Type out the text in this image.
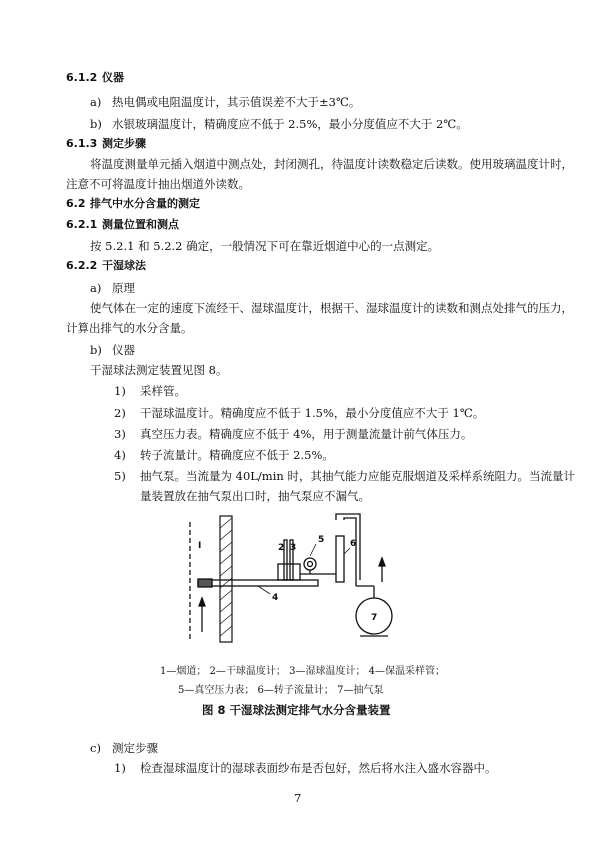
6.1.2 仪器
a) 热电偶或电阻温度计，其示值误差不大于±3℃。
b) 水银玻璃温度计，精确度应不低于 2.5%，最小分度值应不大于 2℃。
6.1.3 测定步骤
将温度测量单元插入烟道中测点处，封闭测孔，待温度计读数稳定后读数。使用玻璃温度计时，
注意不可将温度计抽出烟道外读数。
6.2 排气中水分含量的测定
6.2.1 测量位置和测点
按 5.2.1 和 5.2.2 确定，一般情况下可在靠近烟道中心的一点测定。
6.2.2 干湿球法
a) 原理
使气体在一定的速度下流经干、湿球温度计，根据干、湿球温度计的读数和测点处排气的压力，
计算出排气的水分含量。
b) 仪器
干湿球法测定装置见图 8。
1) 采样管。
2) 干湿球温度计。精确度应不低于 1.5%，最小分度值应不大于 1℃。
3) 真空压力表。精确度应不低于 4%，用于测量流量计前气体压力。
4) 转子流量计。精确度应不低于 2.5%。
5) 抽气泵。当流量为 40L/min 时，其抽气能力应能克服烟道及采样系统阻力。当流量计
量装置放在抽气泵出口时，抽气泵应不漏气。
Ⅰ	2 3
5	6
4
7
1—烟道； 2—干球温度计； 3—湿球温度计； 4—保温采样管；
5—真空压力表； 6—转子流量计； 7—抽气泵
图 8 干湿球法测定排气水分含量装置
c) 测定步骤
1) 检查湿球温度计的湿球表面纱布是否包好，然后将水注入盛水容器中。
7
